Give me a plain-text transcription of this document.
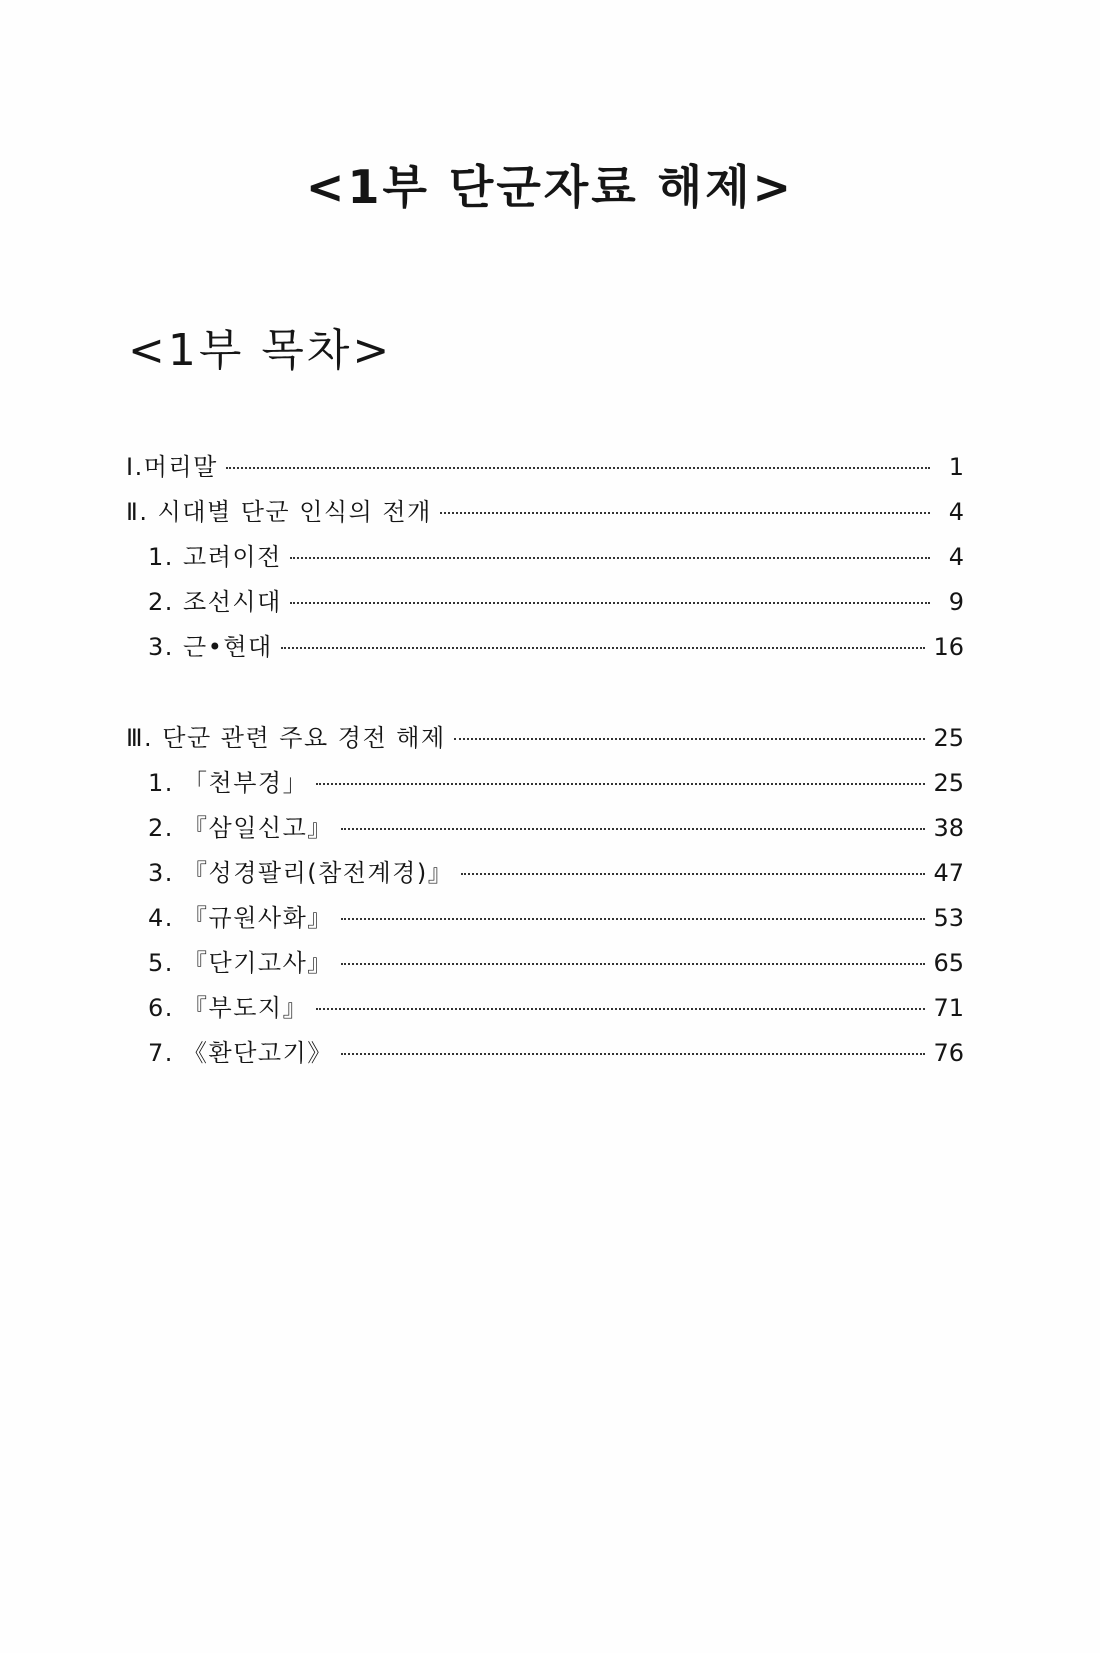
<1부 단군자료 해제>
<1부 목차>
Ⅰ.머리말	1
Ⅱ. 시대별 단군 인식의 전개	4
1. 고려이전	4
2. 조선시대	9
3. 근•현대	16
Ⅲ. 단군 관련 주요 경전 해제	25
1. 「천부경」	25
2. 『삼일신고』	38
3. 『성경팔리(참전계경)』	47
4. 『규원사화』	53
5. 『단기고사』	65
6. 『부도지』	71
7. 《환단고기》	76
